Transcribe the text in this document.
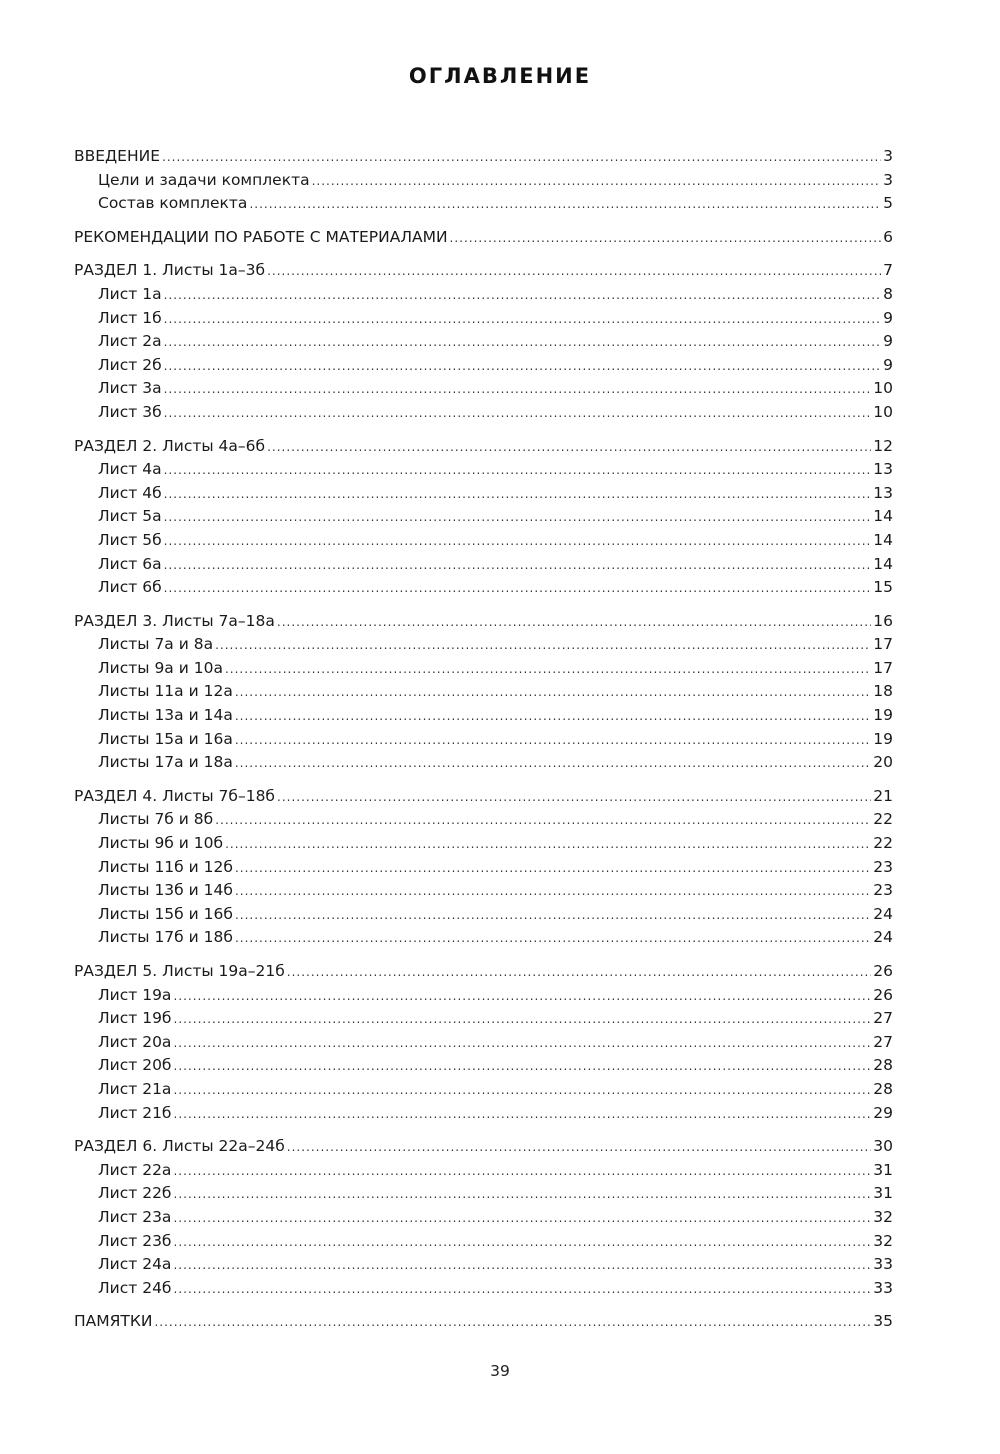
ОГЛАВЛЕНИЕ
ВВЕДЕНИЕ .....	3
Цели и задачи комплекта .....	3
Состав комплекта .....	5
РЕКОМЕНДАЦИИ ПО РАБОТЕ С МАТЕРИАЛАМИ .....	6
РАЗДЕЛ 1. Листы 1а–3б .....	7
Лист 1а .....	8
Лист 1б .....	9
Лист 2а .....	9
Лист 2б .....	9
Лист 3а .....	10
Лист 3б .....	10
РАЗДЕЛ 2. Листы 4а–6б .....	12
Лист 4а .....	13
Лист 4б .....	13
Лист 5а .....	14
Лист 5б .....	14
Лист 6а .....	14
Лист 6б .....	15
РАЗДЕЛ 3. Листы 7а–18а .....	16
Листы 7а и 8а .....	17
Листы 9а и 10а .....	17
Листы 11а и 12а .....	18
Листы 13а и 14а .....	19
Листы 15а и 16а .....	19
Листы 17а и 18а .....	20
РАЗДЕЛ 4. Листы 7б–18б .....	21
Листы 7б и 8б .....	22
Листы 9б и 10б .....	22
Листы 11б и 12б .....	23
Листы 13б и 14б .....	23
Листы 15б и 16б .....	24
Листы 17б и 18б .....	24
РАЗДЕЛ 5. Листы 19а–21б .....	26
Лист 19а .....	26
Лист 19б .....	27
Лист 20а .....	27
Лист 20б .....	28
Лист 21а .....	28
Лист 21б .....	29
РАЗДЕЛ 6. Листы 22а–24б .....	30
Лист 22а .....	31
Лист 22б .....	31
Лист 23а .....	32
Лист 23б .....	32
Лист 24а .....	33
Лист 24б .....	33
ПАМЯТКИ .....	35
39
